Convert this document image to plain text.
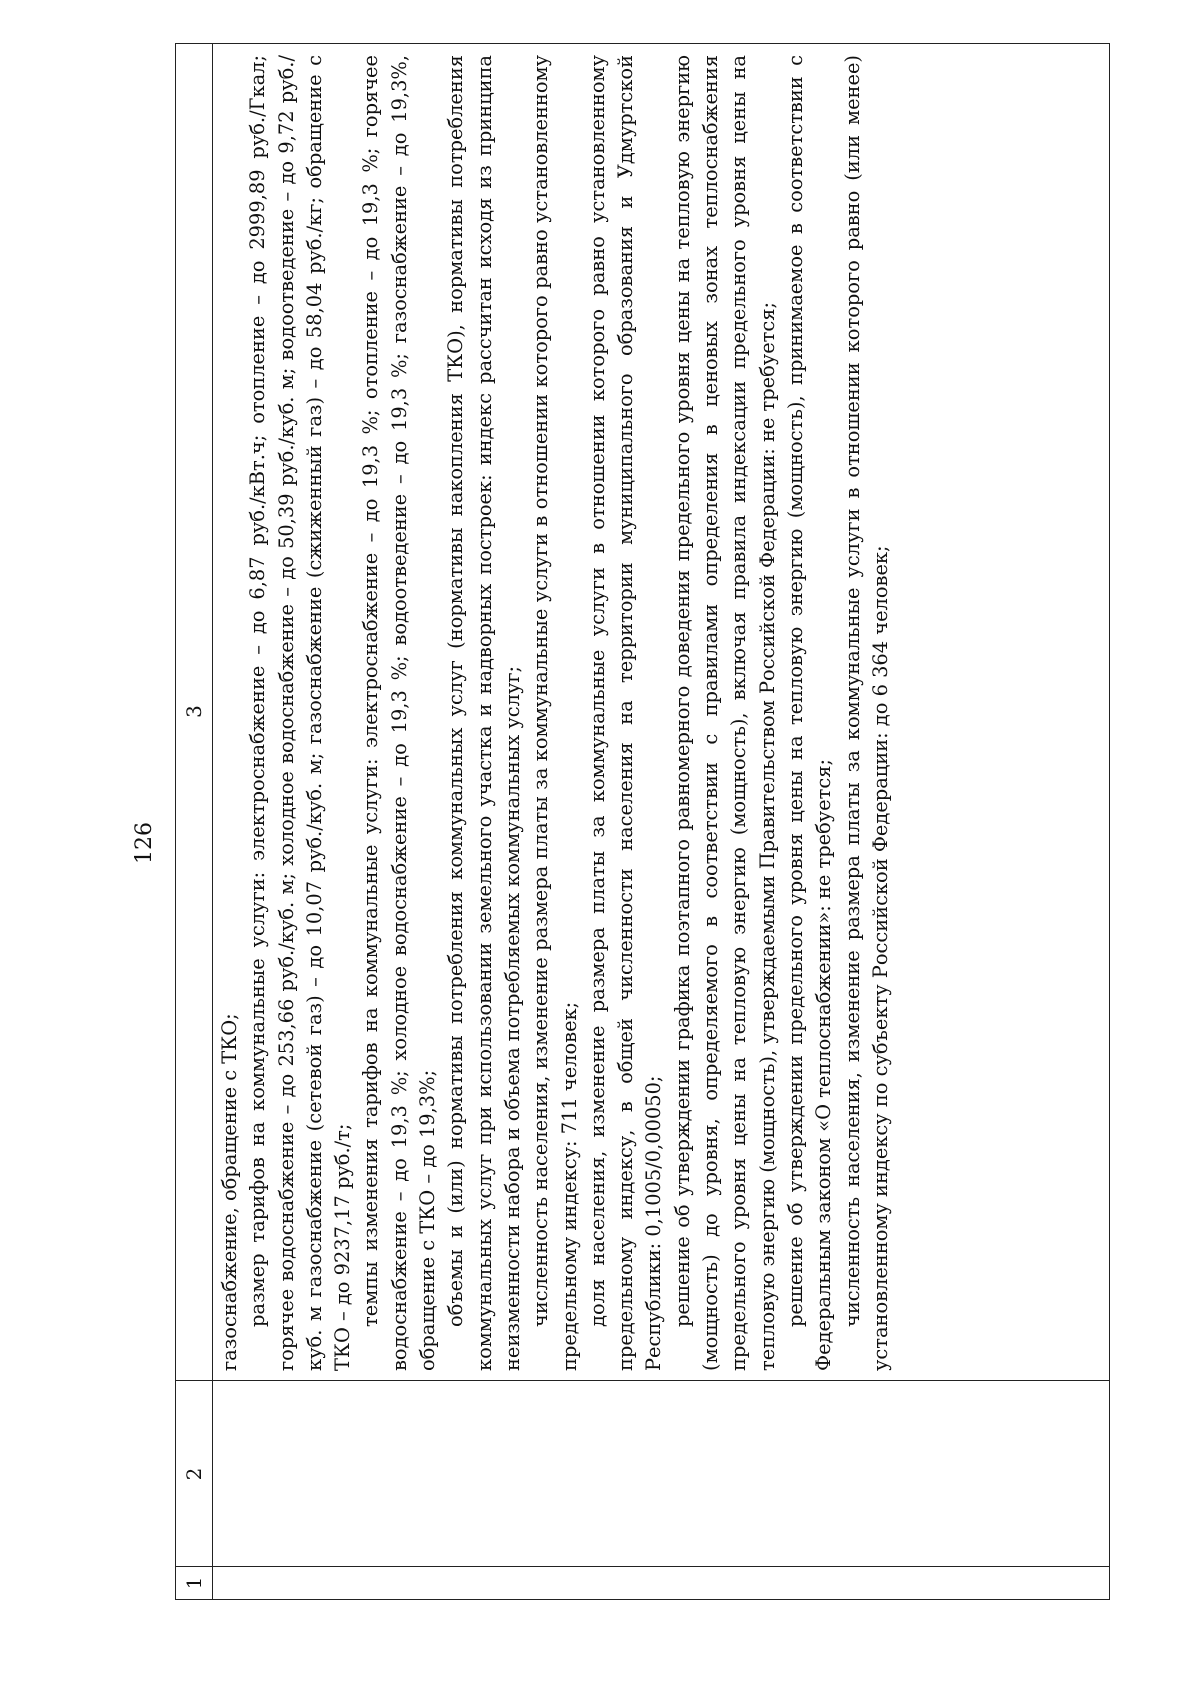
126
1
2
3

газоснабжение, обращение с ТКО; размер тарифов на коммунальные услуги: электроснабжение – до 6,87 руб./кВт.ч; отопление – до 2999,89 руб./Гкал; горячее водоснабжение – до 253,66 руб./куб. м; холодное водоснабжение – до 50,39 руб./куб. м; водоотведение – до 9,72 руб./куб. м газоснабжение (сетевой газ) – до 10,07 руб./куб. м; газоснабжение (сжиженный газ) – до 58,04 руб./кг; обращение с ТКО – до 9237,17 руб./т; темпы изменения тарифов на коммунальные услуги: электроснабжение – до 19,3 %; отопление – до 19,3 %; горячее водоснабжение – до 19,3 %; холодное водоснабжение – до 19,3 %; водоотведение – до 19,3 %; газоснабжение – до 19,3%, обращение с ТКО – до 19,3%; объемы и (или) нормативы потребления коммунальных услуг (нормативы накопления ТКО), нормативы потребления коммунальных услуг при использовании земельного участка и надворных построек: индекс рассчитан исходя из принципа неизменности набора и объема потребляемых коммунальных услуг; численность населения, изменение размера платы за коммунальные услуги в отношении которого равно установленному предельному индексу: 711 человек; доля населения, изменение размера платы за коммунальные услуги в отношении которого равно установленному предельному индексу, в общей численности населения на территории муниципального образования и Удмуртской Республики: 0,1005/0,00050; решение об утверждении графика поэтапного равномерного доведения предельного уровня цены на тепловую энергию (мощность) до уровня, определяемого в соответствии с правилами определения в ценовых зонах теплоснабжения предельного уровня цены на тепловую энергию (мощность), включая правила индексации предельного уровня цены на тепловую энергию (мощность), утверждаемыми Правительством Российской Федерации: не требуется; решение об утверждении предельного уровня цены на тепловую энергию (мощность), принимаемое в соответствии с Федеральным законом «О теплоснабжении»: не требуется; численность населения, изменение размера платы за коммунальные услуги в отношении которого равно (или менее) установленному индексу по субъекту Российской Федерации: до 6 364 человек;
